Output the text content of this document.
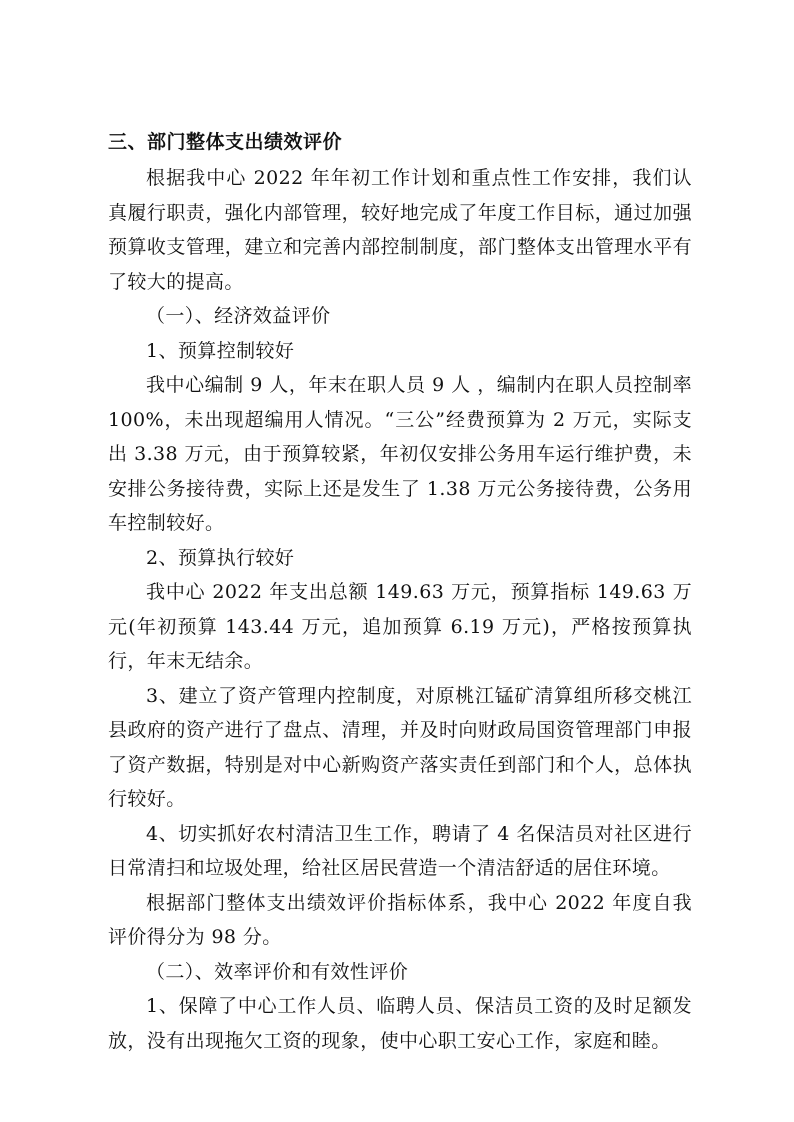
三、部门整体支出绩效评价

根据我中心 2022 年年初工作计划和重点性工作安排，我们认真履行职责，强化内部管理，较好地完成了年度工作目标，通过加强预算收支管理，建立和完善内部控制制度，部门整体支出管理水平有了较大的提高。

（一）、经济效益评价

1、预算控制较好

我中心编制 9 人，年末在职人员 9 人 ，编制内在职人员控制率 100%，未出现超编用人情况。“三公”经费预算为 2 万元，实际支出 3.38 万元，由于预算较紧，年初仅安排公务用车运行维护费，未安排公务接待费，实际上还是发生了 1.38 万元公务接待费，公务用车控制较好。

2、预算执行较好

我中心 2022 年支出总额 149.63 万元，预算指标 149.63 万元(年初预算 143.44 万元，追加预算 6.19 万元)，严格按预算执行，年末无结余。

3、建立了资产管理内控制度，对原桃江锰矿清算组所移交桃江县政府的资产进行了盘点、清理，并及时向财政局国资管理部门申报了资产数据，特别是对中心新购资产落实责任到部门和个人，总体执行较好。

4、切实抓好农村清洁卫生工作，聘请了 4 名保洁员对社区进行日常清扫和垃圾处理，给社区居民营造一个清洁舒适的居住环境。

根据部门整体支出绩效评价指标体系，我中心 2022 年度自我评价得分为 98 分。

（二）、效率评价和有效性评价

1、保障了中心工作人员、临聘人员、保洁员工资的及时足额发放，没有出现拖欠工资的现象，使中心职工安心工作，家庭和睦。
